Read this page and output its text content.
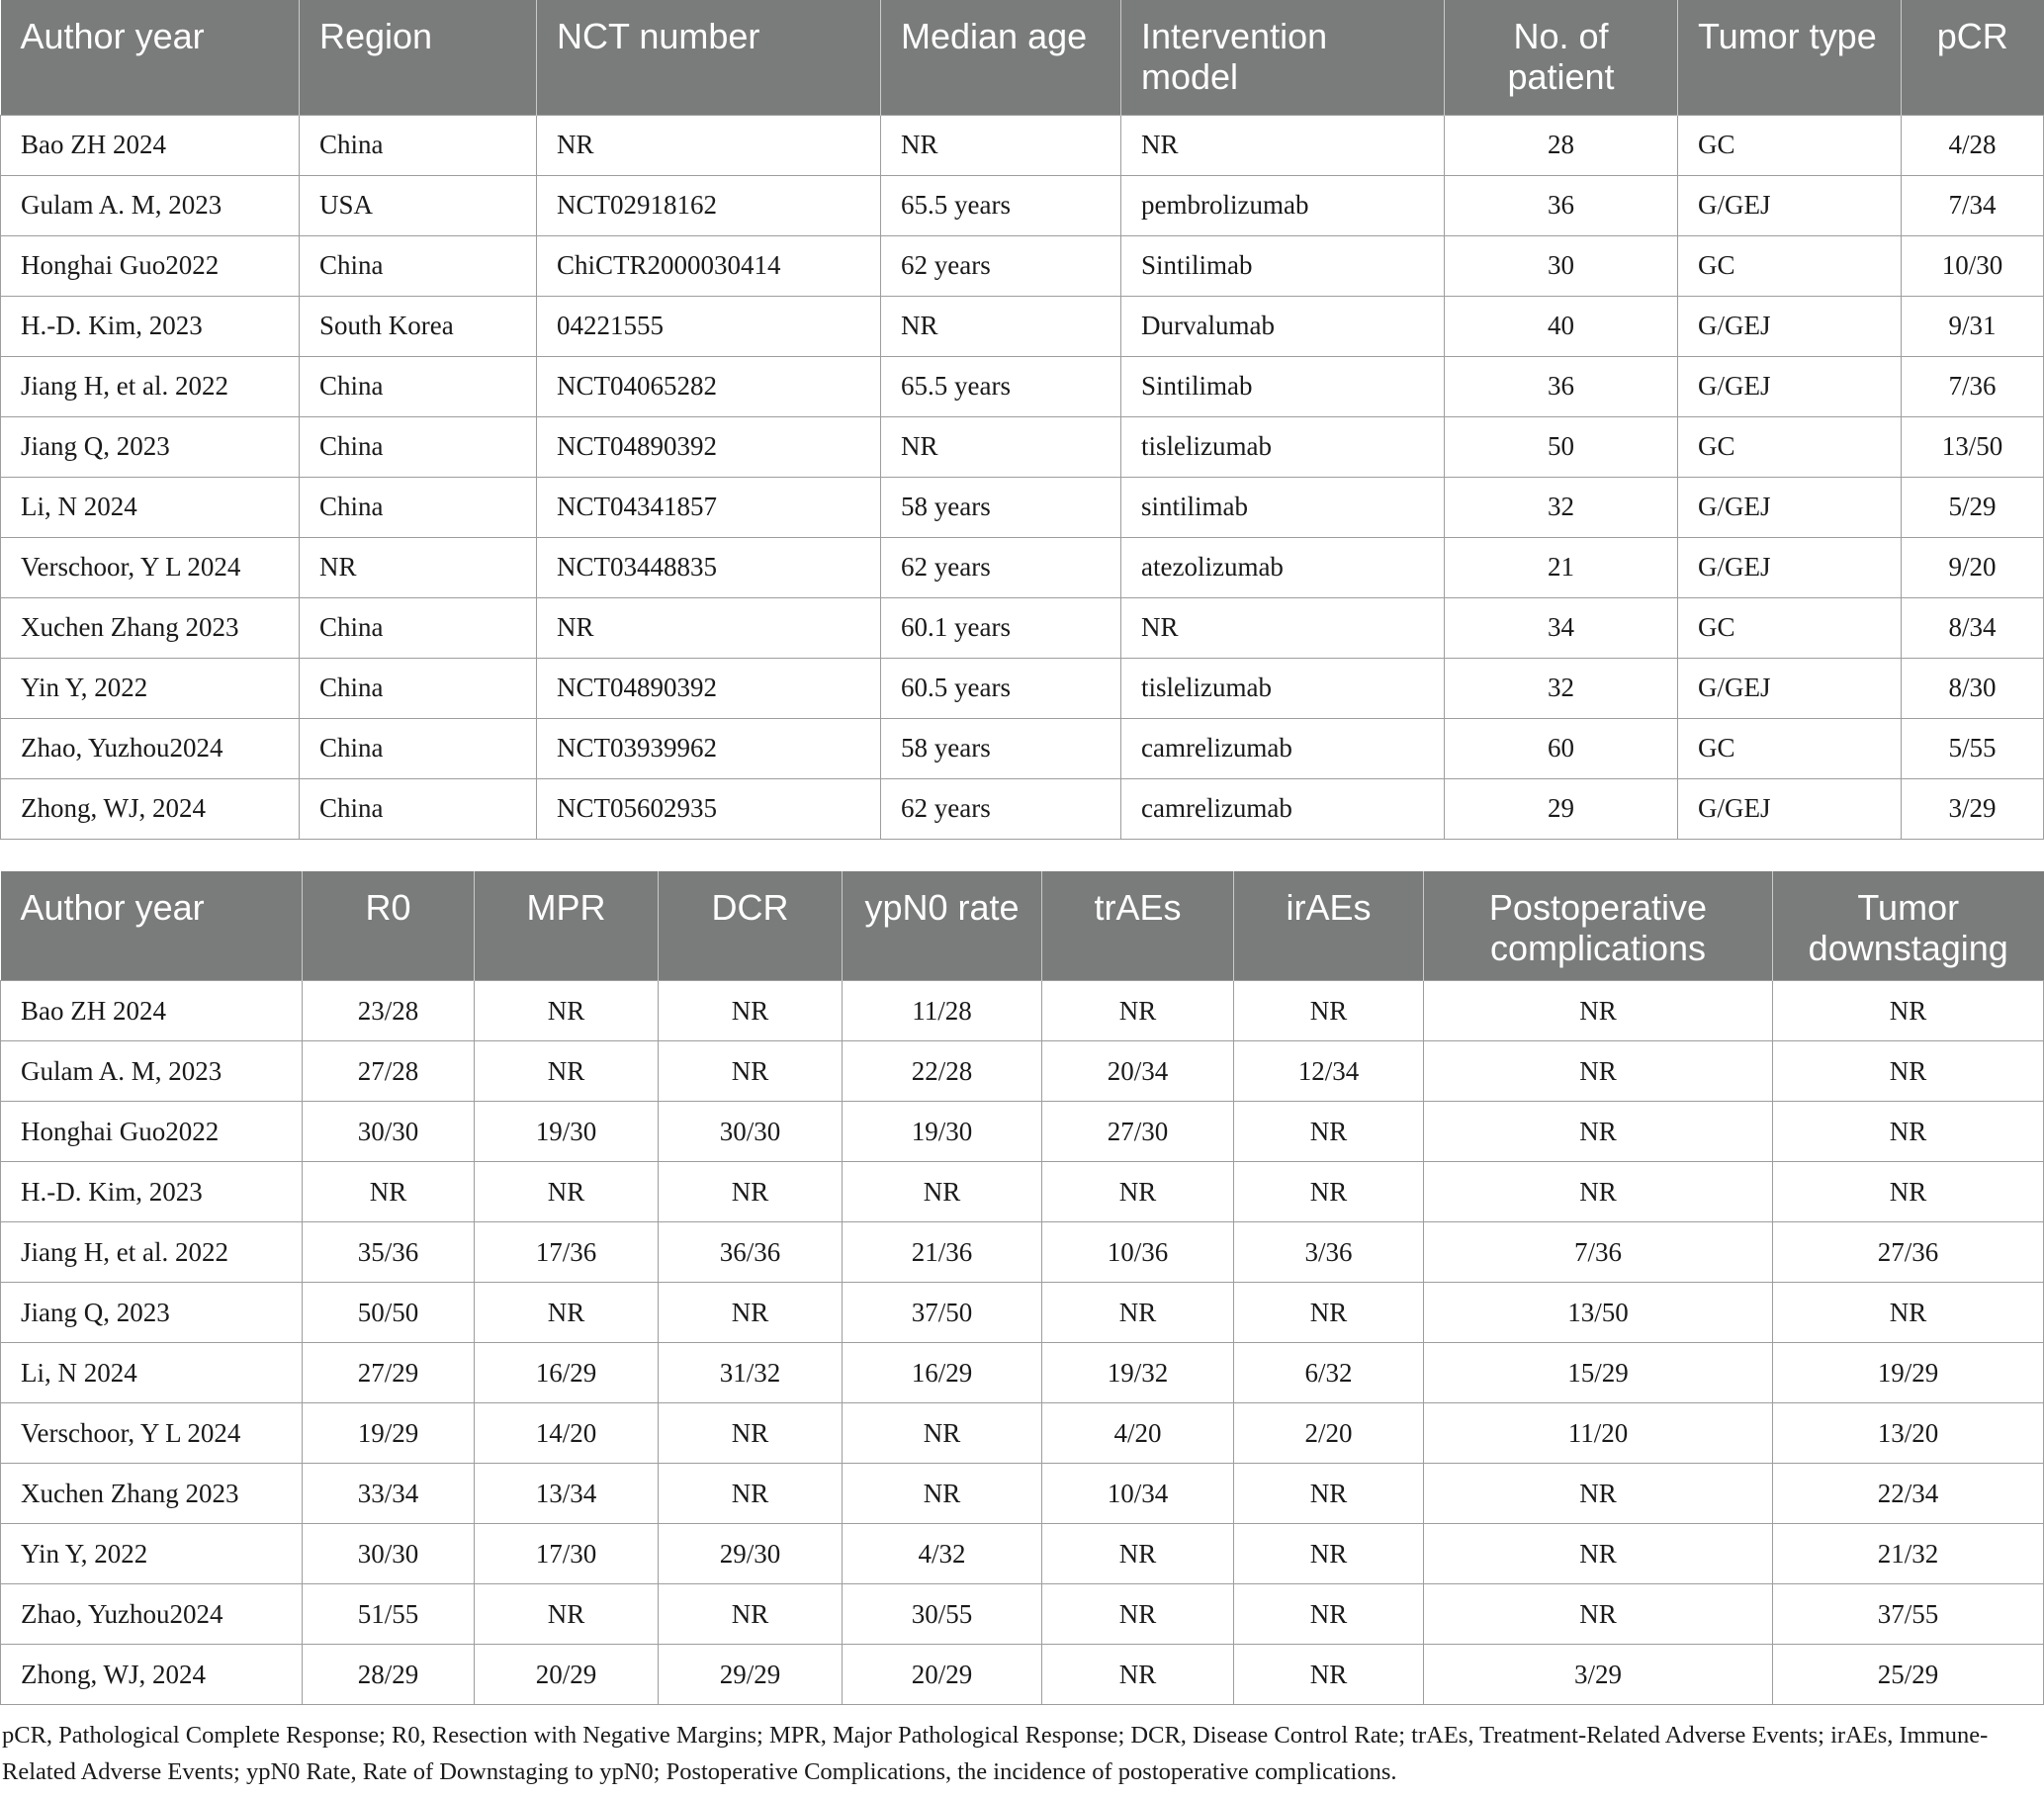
Author year	Region	NCT number	Median age	Intervention model	No. of patient	Tumor type	pCR
Bao ZH 2024	China	NR	NR	NR	28	GC	4/28
Gulam A. M, 2023	USA	NCT02918162	65.5 years	pembrolizumab	36	G/GEJ	7/34
Honghai Guo2022	China	ChiCTR2000030414	62 years	Sintilimab	30	GC	10/30
H.-D. Kim, 2023	South Korea	04221555	NR	Durvalumab	40	G/GEJ	9/31
Jiang H, et al. 2022	China	NCT04065282	65.5 years	Sintilimab	36	G/GEJ	7/36
Jiang Q, 2023	China	NCT04890392	NR	tislelizumab	50	GC	13/50
Li, N 2024	China	NCT04341857	58 years	sintilimab	32	G/GEJ	5/29
Verschoor, Y L 2024	NR	NCT03448835	62 years	atezolizumab	21	G/GEJ	9/20
Xuchen Zhang 2023	China	NR	60.1 years	NR	34	GC	8/34
Yin Y, 2022	China	NCT04890392	60.5 years	tislelizumab	32	G/GEJ	8/30
Zhao, Yuzhou2024	China	NCT03939962	58 years	camrelizumab	60	GC	5/55
Zhong, WJ, 2024	China	NCT05602935	62 years	camrelizumab	29	G/GEJ	3/29
Author year	R0	MPR	DCR	ypN0 rate	trAEs	irAEs	Postoperative complications	Tumor downstaging
Bao ZH 2024	23/28	NR	NR	11/28	NR	NR	NR	NR
Gulam A. M, 2023	27/28	NR	NR	22/28	20/34	12/34	NR	NR
Honghai Guo2022	30/30	19/30	30/30	19/30	27/30	NR	NR	NR
H.-D. Kim, 2023	NR	NR	NR	NR	NR	NR	NR	NR
Jiang H, et al. 2022	35/36	17/36	36/36	21/36	10/36	3/36	7/36	27/36
Jiang Q, 2023	50/50	NR	NR	37/50	NR	NR	13/50	NR
Li, N 2024	27/29	16/29	31/32	16/29	19/32	6/32	15/29	19/29
Verschoor, Y L 2024	19/29	14/20	NR	NR	4/20	2/20	11/20	13/20
Xuchen Zhang 2023	33/34	13/34	NR	NR	10/34	NR	NR	22/34
Yin Y, 2022	30/30	17/30	29/30	4/32	NR	NR	NR	21/32
Zhao, Yuzhou2024	51/55	NR	NR	30/55	NR	NR	NR	37/55
Zhong, WJ, 2024	28/29	20/29	29/29	20/29	NR	NR	3/29	25/29
pCR, Pathological Complete Response; R0, Resection with Negative Margins; MPR, Major Pathological Response; DCR, Disease Control Rate; trAEs, Treatment-Related Adverse Events; irAEs, Immune-Related Adverse Events; ypN0 Rate, Rate of Downstaging to ypN0; Postoperative Complications, the incidence of postoperative complications.
